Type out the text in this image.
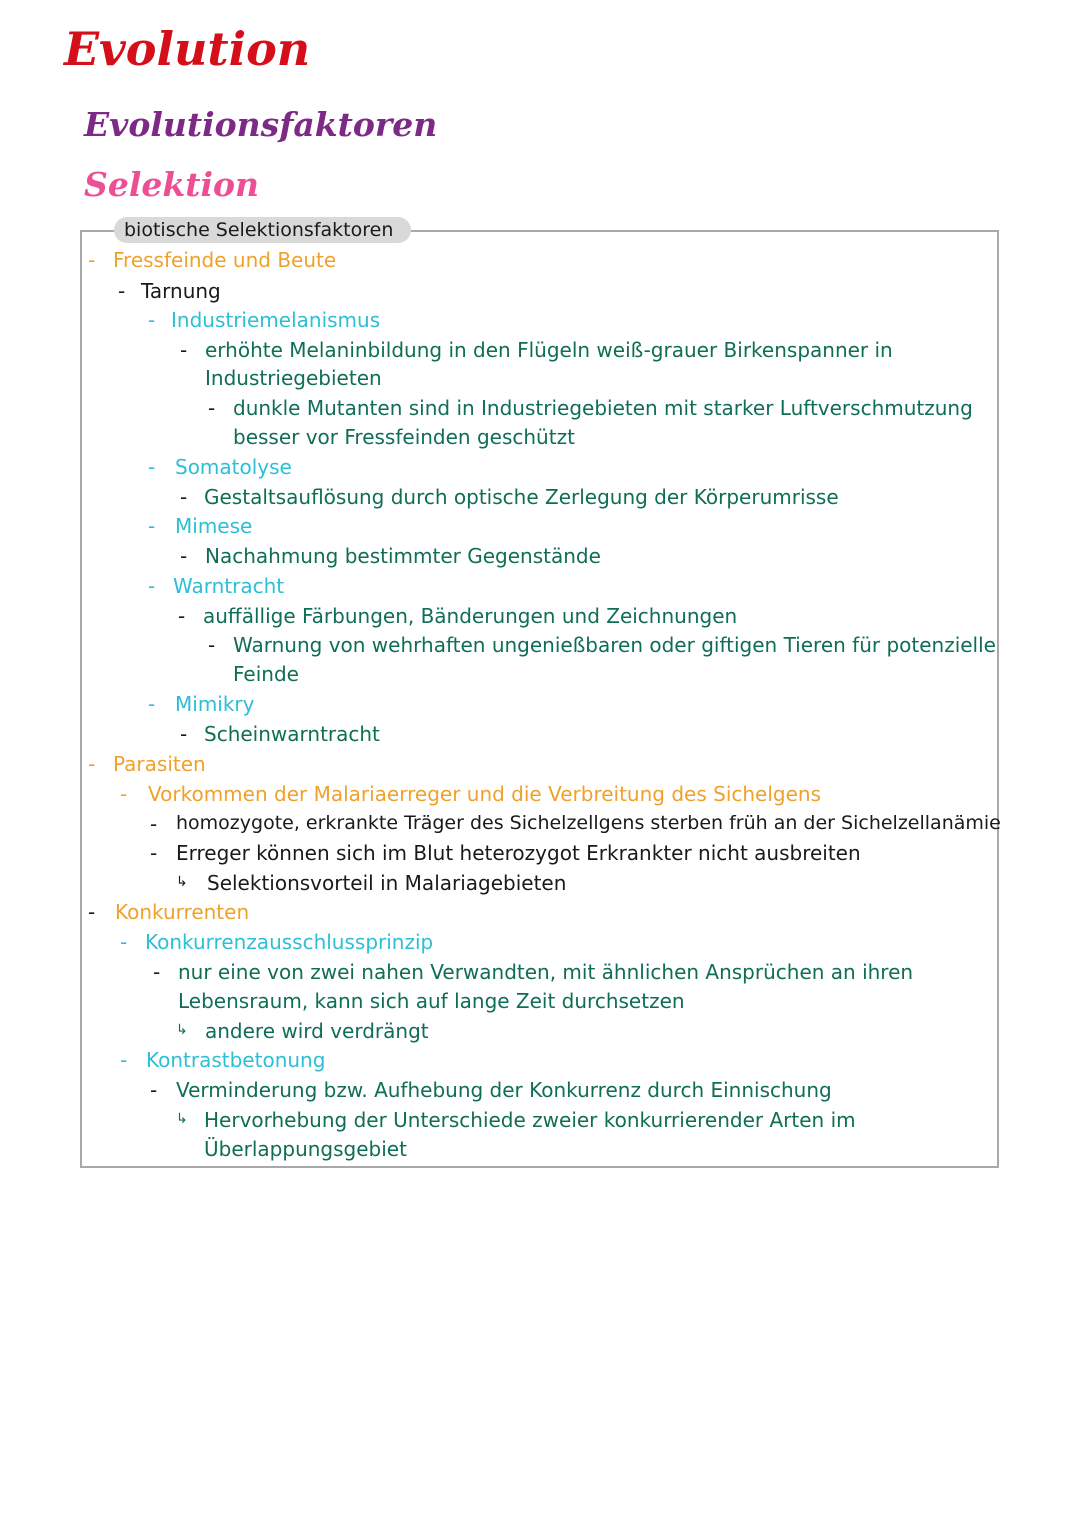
Evolution
Evolutionsfaktoren
Selektion
biotische Selektionsfaktoren
- Fressfeinde und Beute
- Tarnung
- Industriemelanismus
- erhöhte Melaninbildung in den Flügeln weiß-grauer Birkenspanner in
Industriegebieten
- dunkle Mutanten sind in Industriegebieten mit starker Luftverschmutzung
besser vor Fressfeinden geschützt
- Somatolyse
- Gestaltsauflösung durch optische Zerlegung der Körperumrisse
- Mimese
- Nachahmung bestimmter Gegenstände
- Warntracht
- auffällige Färbungen, Bänderungen und Zeichnungen
- Warnung von wehrhaften ungenießbaren oder giftigen Tieren für potenzielle
Feinde
- Mimikry
- Scheinwarntracht
- Parasiten
- Vorkommen der Malariaerreger und die Verbreitung des Sichelgens
- homozygote, erkrankte Träger des Sichelzellgens sterben früh an der Sichelzellanämie
- Erreger können sich im Blut heterozygot Erkrankter nicht ausbreiten
↳ Selektionsvorteil in Malariagebieten
- Konkurrenten
- Konkurrenzausschlussprinzip
- nur eine von zwei nahen Verwandten, mit ähnlichen Ansprüchen an ihren
Lebensraum, kann sich auf lange Zeit durchsetzen
↳ andere wird verdrängt
- Kontrastbetonung
- Verminderung bzw. Aufhebung der Konkurrenz durch Einnischung
↳ Hervorhebung der Unterschiede zweier konkurrierender Arten im
Überlappungsgebiet
